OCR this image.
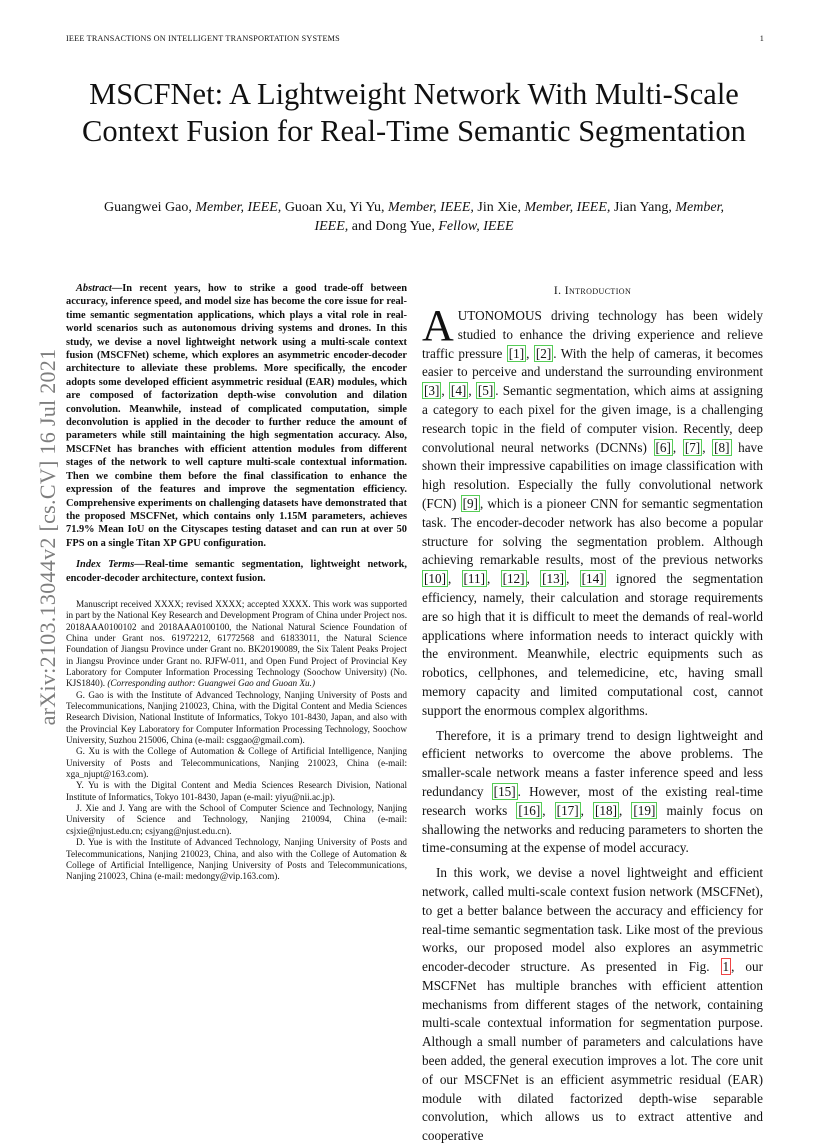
IEEE TRANSACTIONS ON INTELLIGENT TRANSPORTATION SYSTEMS	1
MSCFNet: A Lightweight Network With Multi-Scale Context Fusion for Real-Time Semantic Segmentation
Guangwei Gao, Member, IEEE, Guoan Xu, Yi Yu, Member, IEEE, Jin Xie, Member, IEEE, Jian Yang, Member, IEEE, and Dong Yue, Fellow, IEEE
arXiv:2103.13044v2 [cs.CV] 16 Jul 2021

Abstract—In recent years, how to strike a good trade-off between accuracy, inference speed, and model size has become the core issue for real-time semantic segmentation applications, which plays a vital role in real-world scenarios such as autonomous driving systems and drones. In this study, we devise a novel lightweight network using a multi-scale context fusion (MSCFNet) scheme, which explores an asymmetric encoder-decoder architecture to alleviate these problems. More specifically, the encoder adopts some developed efficient asymmetric residual (EAR) modules, which are composed of factorization depth-wise convolution and dilation convolution. Meanwhile, instead of complicated computation, simple deconvolution is applied in the decoder to further reduce the amount of parameters while still maintaining the high segmentation accuracy. Also, MSCFNet has branches with efficient attention modules from different stages of the network to well capture multi-scale contextual information. Then we combine them before the final classification to enhance the expression of the features and improve the segmentation efficiency. Comprehensive experiments on challenging datasets have demonstrated that the proposed MSCFNet, which contains only 1.15M parameters, achieves 71.9% Mean IoU on the Cityscapes testing dataset and can run at over 50 FPS on a single Titan XP GPU configuration.

Index Terms—Real-time semantic segmentation, lightweight network, encoder-decoder architecture, context fusion.

Manuscript received XXXX; revised XXXX; accepted XXXX. This work was supported in part by the National Key Research and Development Program of China under Project nos. 2018AAA0100102 and 2018AAA0100100, the National Natural Science Foundation of China under Grant nos. 61972212, 61772568 and 61833011, the Natural Science Foundation of Jiangsu Province under Grant no. BK20190089, the Six Talent Peaks Project in Jiangsu Province under Grant no. RJFW-011, and Open Fund Project of Provincial Key Laboratory for Computer Information Processing Technology (Soochow University) (No. KJS1840). (Corresponding author: Guangwei Gao and Guoan Xu.)

G. Gao is with the Institute of Advanced Technology, Nanjing University of Posts and Telecommunications, Nanjing 210023, China, with the Digital Content and Media Sciences Research Division, National Institute of Informatics, Tokyo 101-8430, Japan, and also with the Provincial Key Laboratory for Computer Information Processing Technology, Soochow University, Suzhou 215006, China (e-mail: csggao@gmail.com).

G. Xu is with the College of Automation & College of Artificial Intelligence, Nanjing University of Posts and Telecommunications, Nanjing 210023, China (e-mail: xga_njupt@163.com).

Y. Yu is with the Digital Content and Media Sciences Research Division, National Institute of Informatics, Tokyo 101-8430, Japan (e-mail: yiyu@nii.ac.jp).

J. Xie and J. Yang are with the School of Computer Science and Technology, Nanjing University of Science and Technology, Nanjing 210094, China (e-mail: csjxie@njust.edu.cn; csjyang@njust.edu.cn).

D. Yue is with the Institute of Advanced Technology, Nanjing University of Posts and Telecommunications, Nanjing 210023, China, and also with the College of Automation & College of Artificial Intelligence, Nanjing University of Posts and Telecommunications, Nanjing 210023, China (e-mail: medongy@vip.163.com).

I. Introduction

AUTONOMOUS driving technology has been widely studied to enhance the driving experience and relieve traffic pressure [1] , [2] . With the help of cameras, it becomes easier to perceive and understand the surrounding environment [3] , [4] , [5] . Semantic segmentation, which aims at assigning a category to each pixel for the given image, is a challenging research topic in the field of computer vision. Recently, deep convolutional neural networks (DCNNs) [6] , [7] , [8] have shown their impressive capabilities on image classification with high resolution. Especially the fully convolutional network (FCN) [9] , which is a pioneer CNN for semantic segmentation task. The encoder-decoder network has also become a popular structure for solving the segmentation problem. Although achieving remarkable results, most of the previous networks [10] , [11] , [12] , [13] , [14] ignored the segmentation efficiency, namely, their calculation and storage requirements are so high that it is difficult to meet the demands of real-world applications where information needs to interact quickly with the environment. Meanwhile, electric equipments such as robotics, cellphones, and telemedicine, etc, having small memory capacity and limited computational cost, cannot support the enormous complex algorithms.

Therefore, it is a primary trend to design lightweight and efficient networks to overcome the above problems. The smaller-scale network means a faster inference speed and less redundancy [15] . However, most of the existing real-time research works [16] , [17] , [18] , [19] mainly focus on shallowing the networks and reducing parameters to shorten the time-consuming at the expense of model accuracy.

In this work, we devise a novel lightweight and efficient network, called multi-scale context fusion network (MSCFNet), to get a better balance between the accuracy and efficiency for real-time semantic segmentation task. Like most of the previous works, our proposed model also explores an asymmetric encoder-decoder structure. As presented in Fig. 1 , our MSCFNet has multiple branches with efficient attention mechanisms from different stages of the network, containing multi-scale contextual information for segmentation purpose. Although a small number of parameters and calculations have been added, the general execution improves a lot. The core unit of our MSCFNet is an efficient asymmetric residual (EAR) module with dilated factorized depth-wise separable convolution, which allows us to extract attentive and cooperative
